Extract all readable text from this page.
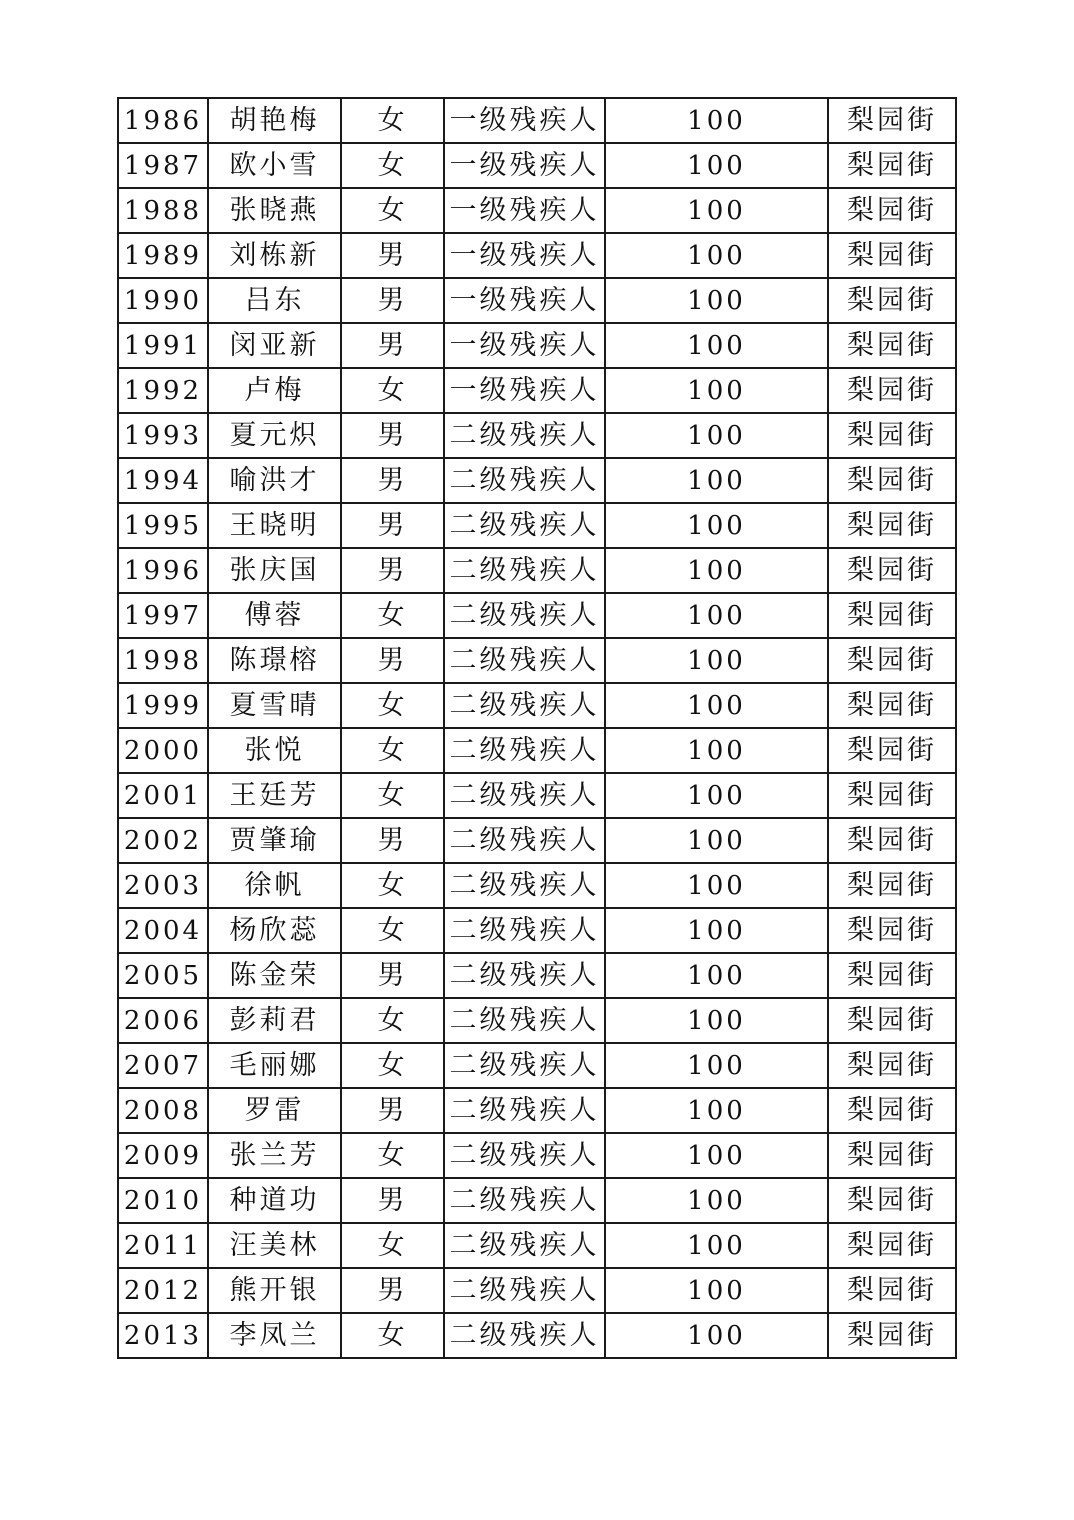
1986	胡艳梅	女	一级残疾人	100	梨园街
1987	欧小雪	女	一级残疾人	100	梨园街
1988	张晓燕	女	一级残疾人	100	梨园街
1989	刘栋新	男	一级残疾人	100	梨园街
1990	吕东	男	一级残疾人	100	梨园街
1991	闵亚新	男	一级残疾人	100	梨园街
1992	卢梅	女	一级残疾人	100	梨园街
1993	夏元炽	男	二级残疾人	100	梨园街
1994	喻洪才	男	二级残疾人	100	梨园街
1995	王晓明	男	二级残疾人	100	梨园街
1996	张庆国	男	二级残疾人	100	梨园街
1997	傅蓉	女	二级残疾人	100	梨园街
1998	陈璟榕	男	二级残疾人	100	梨园街
1999	夏雪晴	女	二级残疾人	100	梨园街
2000	张悦	女	二级残疾人	100	梨园街
2001	王廷芳	女	二级残疾人	100	梨园街
2002	贾肇瑜	男	二级残疾人	100	梨园街
2003	徐帆	女	二级残疾人	100	梨园街
2004	杨欣蕊	女	二级残疾人	100	梨园街
2005	陈金荣	男	二级残疾人	100	梨园街
2006	彭莉君	女	二级残疾人	100	梨园街
2007	毛丽娜	女	二级残疾人	100	梨园街
2008	罗雷	男	二级残疾人	100	梨园街
2009	张兰芳	女	二级残疾人	100	梨园街
2010	种道功	男	二级残疾人	100	梨园街
2011	汪美林	女	二级残疾人	100	梨园街
2012	熊开银	男	二级残疾人	100	梨园街
2013	李凤兰	女	二级残疾人	100	梨园街
